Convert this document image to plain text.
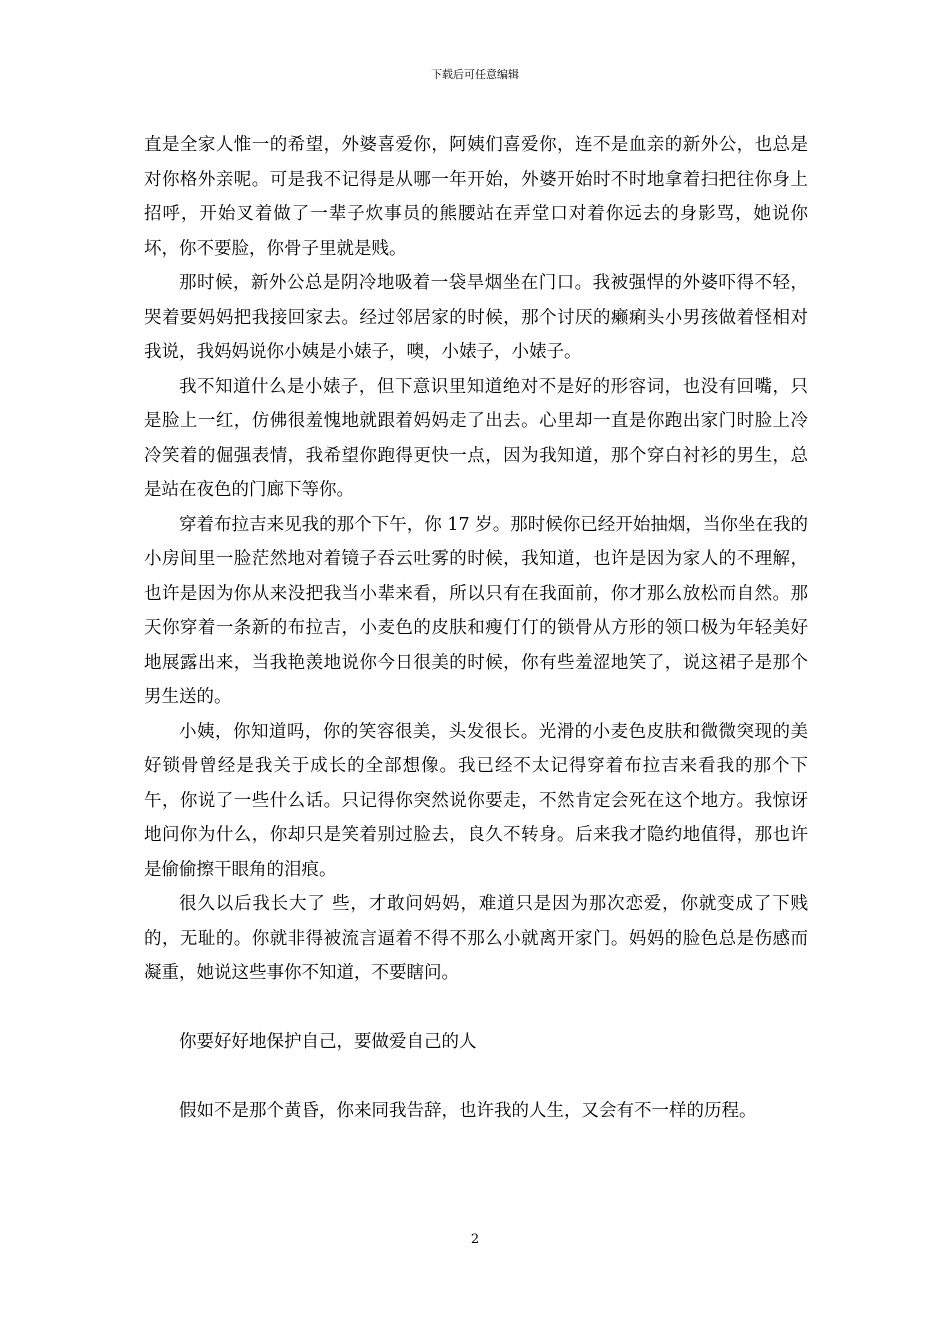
下载后可任意编辑

直是全家人惟一的希望，外婆喜爱你，阿姨们喜爱你，连不是血亲的新外公，也总是对你格外亲呢。可是我不记得是从哪一年开始，外婆开始时不时地拿着扫把往你身上招呼，开始叉着做了一辈子炊事员的熊腰站在弄堂口对着你远去的身影骂，她说你坏，你不要脸，你骨子里就是贱。

那时候，新外公总是阴冷地吸着一袋旱烟坐在门口。我被强悍的外婆吓得不轻，哭着要妈妈把我接回家去。经过邻居家的时候，那个讨厌的癞痢头小男孩做着怪相对我说，我妈妈说你小姨是小婊子，噢，小婊子，小婊子。

我不知道什么是小婊子，但下意识里知道绝对不是好的形容词，也没有回嘴，只是脸上一红，仿佛很羞愧地就跟着妈妈走了出去。心里却一直是你跑出家门时脸上冷冷笑着的倔强表情，我希望你跑得更快一点，因为我知道，那个穿白衬衫的男生，总是站在夜色的门廊下等你。

穿着布拉吉来见我的那个下午，你 17 岁。那时候你已经开始抽烟，当你坐在我的小房间里一脸茫然地对着镜子吞云吐雾的时候，我知道，也许是因为家人的不理解，也许是因为你从来没把我当小辈来看，所以只有在我面前，你才那么放松而自然。那天你穿着一条新的布拉吉，小麦色的皮肤和瘦仃仃的锁骨从方形的领口极为年轻美好地展露出来，当我艳羡地说你今日很美的时候，你有些羞涩地笑了，说这裙子是那个男生送的。

小姨，你知道吗，你的笑容很美，头发很长。光滑的小麦色皮肤和微微突现的美好锁骨曾经是我关于成长的全部想像。我已经不太记得穿着布拉吉来看我的那个下午，你说了一些什么话。只记得你突然说你要走，不然肯定会死在这个地方。我惊讶地问你为什么，你却只是笑着别过脸去，良久不转身。后来我才隐约地值得，那也许是偷偷擦干眼角的泪痕。

很久以后我长大了 些，才敢问妈妈，难道只是因为那次恋爱，你就变成了下贱的，无耻的。你就非得被流言逼着不得不那么小就离开家门。妈妈的脸色总是伤感而凝重，她说这些事你不知道，不要瞎问。

你要好好地保护自己，要做爱自己的人

假如不是那个黄昏，你来同我告辞，也许我的人生，又会有不一样的历程。

2
